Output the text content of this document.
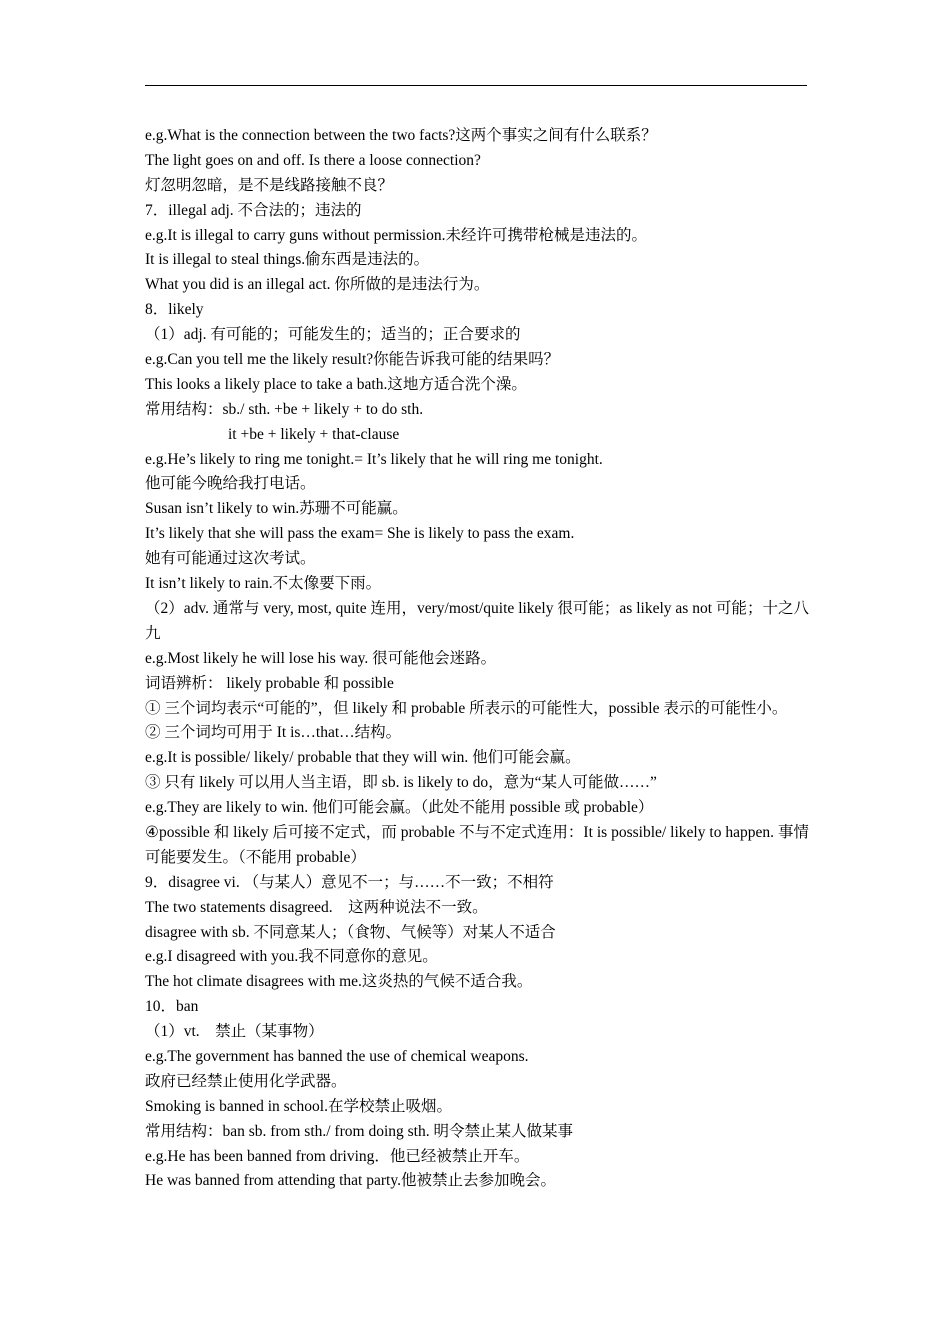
e.g.What is the connection between the two facts?这两个事实之间有什么联系？
The light goes on and off. Is there a loose connection?
灯忽明忽暗，是不是线路接触不良？
7．illegal adj. 不合法的；违法的
e.g.It is illegal to carry guns without permission.未经许可携带枪械是违法的。
It is illegal to steal things.偷东西是违法的。
What you did is an illegal act. 你所做的是违法行为。
8．likely
（1）adj. 有可能的；可能发生的；适当的；正合要求的
e.g.Can you tell me the likely result?你能告诉我可能的结果吗？
This looks a likely place to take a bath.这地方适合洗个澡。
常用结构：sb./ sth. +be + likely + to do sth.
it +be + likely + that-clause
e.g.He’s likely to ring me tonight.= It’s likely that he will ring me tonight.
他可能今晚给我打电话。
Susan isn’t likely to win.苏珊不可能赢。
It’s likely that she will pass the exam= She is likely to pass the exam.
她有可能通过这次考试。
It isn’t likely to rain.不太像要下雨。
（2）adv. 通常与 very, most, quite 连用，very/most/quite likely 很可能；as likely as not 可能；十之八九
e.g.Most likely he will lose his way. 很可能他会迷路。
词语辨析： likely probable 和 possible
① 三个词均表示“可能的”，但 likely 和 probable 所表示的可能性大，possible 表示的可能性小。
② 三个词均可用于 It is…that…结构。
e.g.It is possible/ likely/ probable that they will win. 他们可能会赢。
③ 只有 likely 可以用人当主语，即 sb. is likely to do，意为“某人可能做……”
e.g.They are likely to win. 他们可能会赢。（此处不能用 possible 或 probable）
④possible 和 likely 后可接不定式，而 probable 不与不定式连用：It is possible/ likely to happen. 事情可能要发生。（不能用 probable）
9．disagree vi. （与某人）意见不一；与……不一致；不相符
The two statements disagreed.　这两种说法不一致。
disagree with sb. 不同意某人；（食物、气候等）对某人不适合
e.g.I disagreed with you.我不同意你的意见。
The hot climate disagrees with me.这炎热的气候不适合我。
10．ban
（1）vt.　禁止（某事物）
e.g.The government has banned the use of chemical weapons.
政府已经禁止使用化学武器。
Smoking is banned in school.在学校禁止吸烟。
常用结构：ban sb. from sth./ from doing sth. 明令禁止某人做某事
e.g.He has been banned from driving．他已经被禁止开车。
He was banned from attending that party.他被禁止去参加晚会。
